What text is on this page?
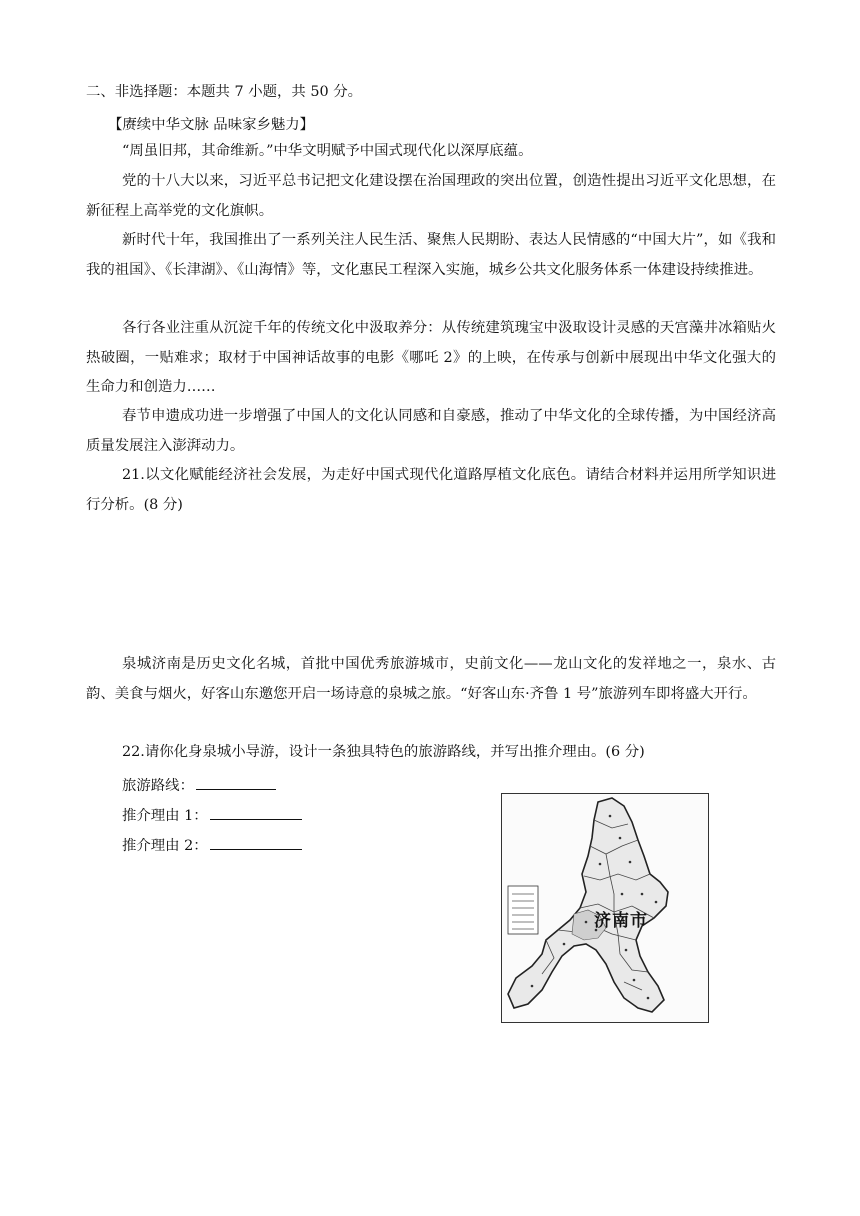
二、非选择题：本题共 7 小题，共 50 分。
【赓续中华文脉 品味家乡魅力】
“周虽旧邦，其命维新。”中华文明赋予中国式现代化以深厚底蕴。
党的十八大以来，习近平总书记把文化建设摆在治国理政的突出位置，创造性提出习近平文化思想，在新征程上高举党的文化旗帜。
新时代十年，我国推出了一系列关注人民生活、聚焦人民期盼、表达人民情感的“中国大片”，如《我和我的祖国》、《长津湖》、《山海情》等，文化惠民工程深入实施，城乡公共文化服务体系一体建设持续推进。
各行各业注重从沉淀千年的传统文化中汲取养分：从传统建筑瑰宝中汲取设计灵感的天宫藻井冰箱贴火热破圈，一贴难求；取材于中国神话故事的电影《哪吒 2》的上映，在传承与创新中展现出中华文化强大的生命力和创造力……
春节申遗成功进一步增强了中国人的文化认同感和自豪感，推动了中华文化的全球传播，为中国经济高质量发展注入澎湃动力。
21.以文化赋能经济社会发展，为走好中国式现代化道路厚植文化底色。请结合材料并运用所学知识进行分析。(8 分)
泉城济南是历史文化名城，首批中国优秀旅游城市，史前文化——龙山文化的发祥地之一，泉水、古韵、美食与烟火，好客山东邀您开启一场诗意的泉城之旅。“好客山东·齐鲁 1 号”旅游列车即将盛大开行。
22.请你化身泉城小导游，设计一条独具特色的旅游路线，并写出推介理由。(6 分)
旅游路线：
推介理由 1：
推介理由 2：
济南市
